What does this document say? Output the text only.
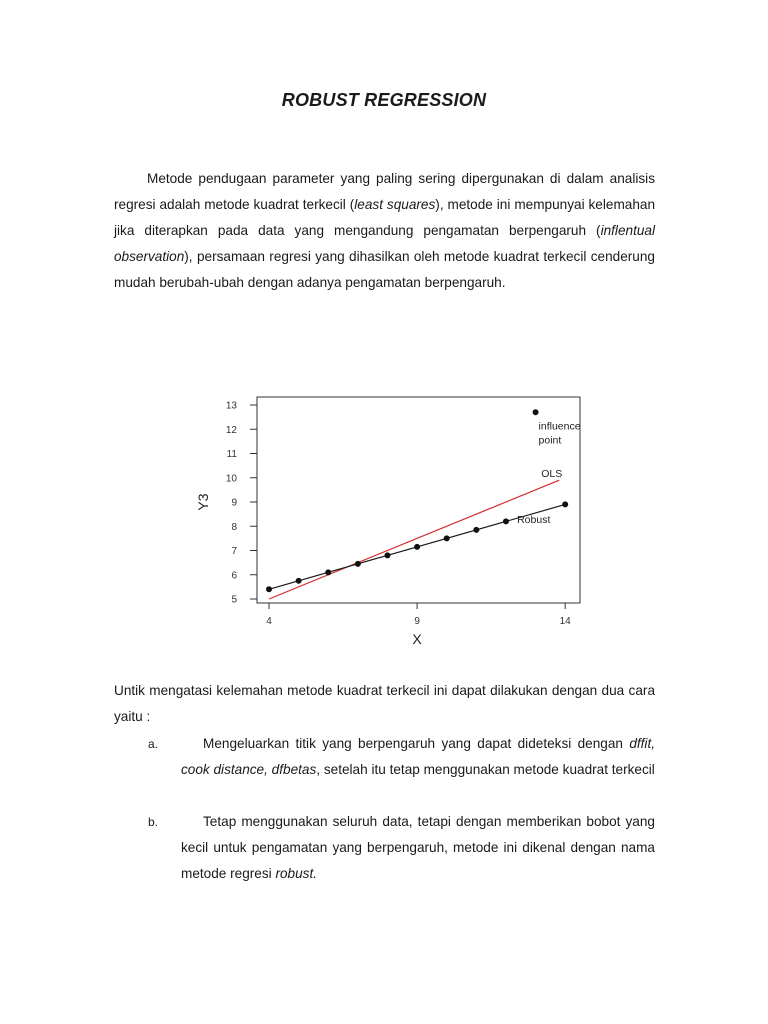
ROBUST REGRESSION
Metode pendugaan parameter yang paling sering dipergunakan di dalam analisis regresi adalah metode kuadrat terkecil (least squares), metode ini mempunyai kelemahan jika diterapkan pada data yang mengandung pengamatan berpengaruh (inflentual observation), persamaan regresi yang dihasilkan oleh metode kuadrat terkecil cenderung mudah berubah-ubah dengan adanya pengamatan berpengaruh.
5
6
7
8
9
10
11
12
13
4	9	14
X
Y3
influence
point
OLS
Robust
Untik mengatasi kelemahan metode kuadrat terkecil ini dapat dilakukan dengan dua cara yaitu :
a.	Mengeluarkan titik yang berpengaruh yang dapat dideteksi dengan dffit, cook distance, dfbetas, setelah itu tetap menggunakan metode kuadrat terkecil
b.	Tetap menggunakan seluruh data, tetapi dengan memberikan bobot yang kecil untuk pengamatan yang berpengaruh, metode ini dikenal dengan nama metode regresi robust.
